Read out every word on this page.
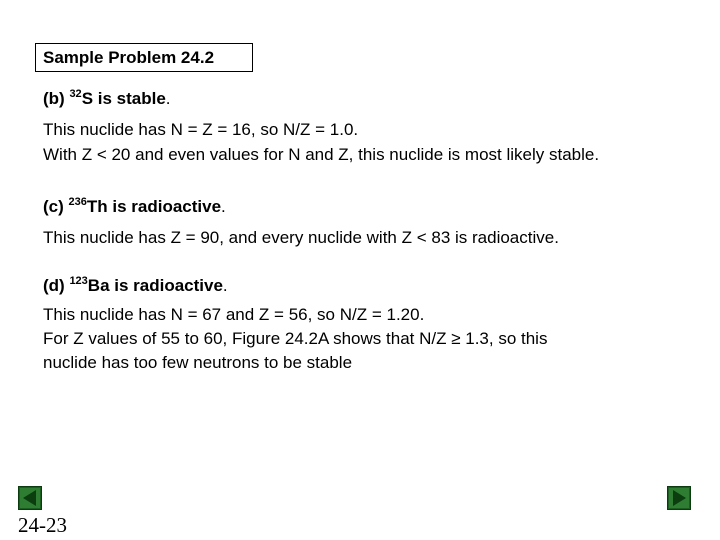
Sample Problem 24.2
(b) $^{32}$S is stable.
This nuclide has N = Z = 16, so N/Z = 1.0.
With Z < 20 and even values for N and Z, this nuclide is most likely stable.
(c) $^{236}$Th is radioactive.
This nuclide has Z = 90, and every nuclide with Z < 83 is radioactive.
(d) $^{123}$Ba is radioactive.
This nuclide has N = 67 and Z = 56, so N/Z = 1.20.
For Z values of 55 to 60, Figure 24.2A shows that N/Z ≥ 1.3, so this
nuclide has too few neutrons to be stable
24-23
